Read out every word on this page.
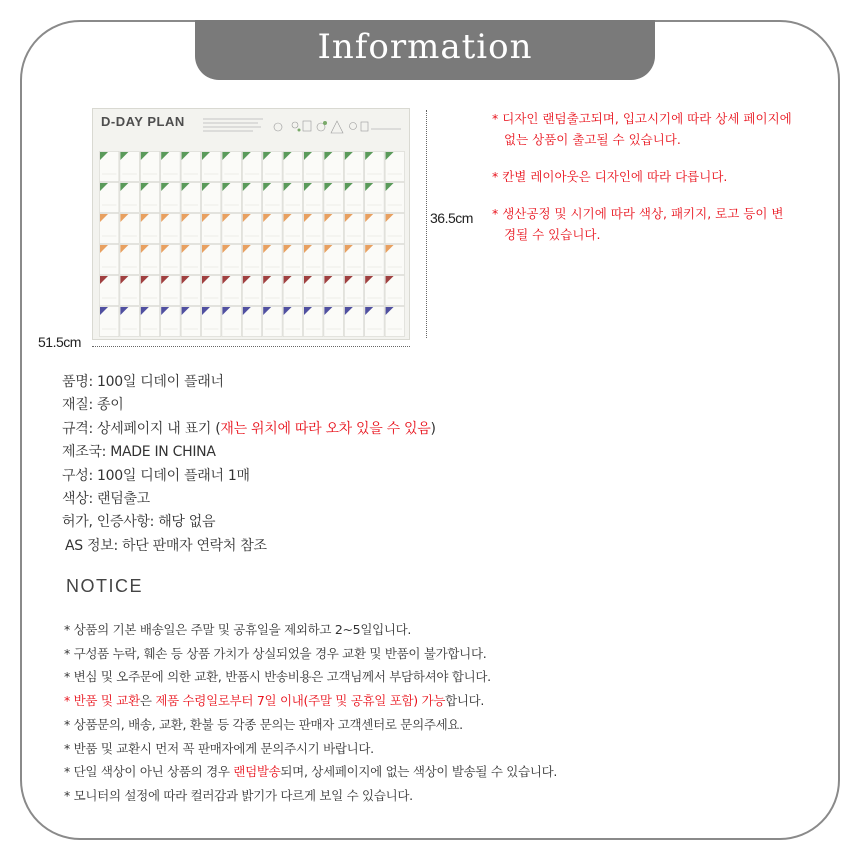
Information
D-DAY PLAN
36.5cm
51.5cm
* 디자인 랜덤출고되며, 입고시기에 따라 상세 페이지에 없는 상품이 출고될 수 있습니다.
* 칸별 레이아웃은 디자인에 따라 다릅니다.
* 생산공정 및 시기에 따라 색상, 패키지, 로고 등이 변경될 수 있습니다.
품명: 100일 디데이 플래너
재질: 종이
규격: 상세페이지 내 표기 (재는 위치에 따라 오차 있을 수 있음)
제조국: MADE IN CHINA
구성: 100일 디데이 플래너 1매
색상: 랜덤출고
허가, 인증사항: 해당 없음
AS 정보: 하단 판매자 연락처 참조
NOTICE
* 상품의 기본 배송일은 주말 및 공휴일을 제외하고 2~5일입니다.
* 구성품 누락, 훼손 등 상품 가치가 상실되었을 경우 교환 및 반품이 불가합니다.
* 변심 및 오주문에 의한 교환, 반품시 반송비용은 고객님께서 부담하셔야 합니다.
* 반품 및 교환은 제품 수령일로부터 7일 이내(주말 및 공휴일 포함) 가능합니다.
* 상품문의, 배송, 교환, 환불 등 각종 문의는 판매자 고객센터로 문의주세요.
* 반품 및 교환시 먼저 꼭 판매자에게 문의주시기 바랍니다.
* 단일 색상이 아닌 상품의 경우 랜덤발송되며, 상세페이지에 없는 색상이 발송될 수 있습니다.
* 모니터의 설정에 따라 컬러감과 밝기가 다르게 보일 수 있습니다.
